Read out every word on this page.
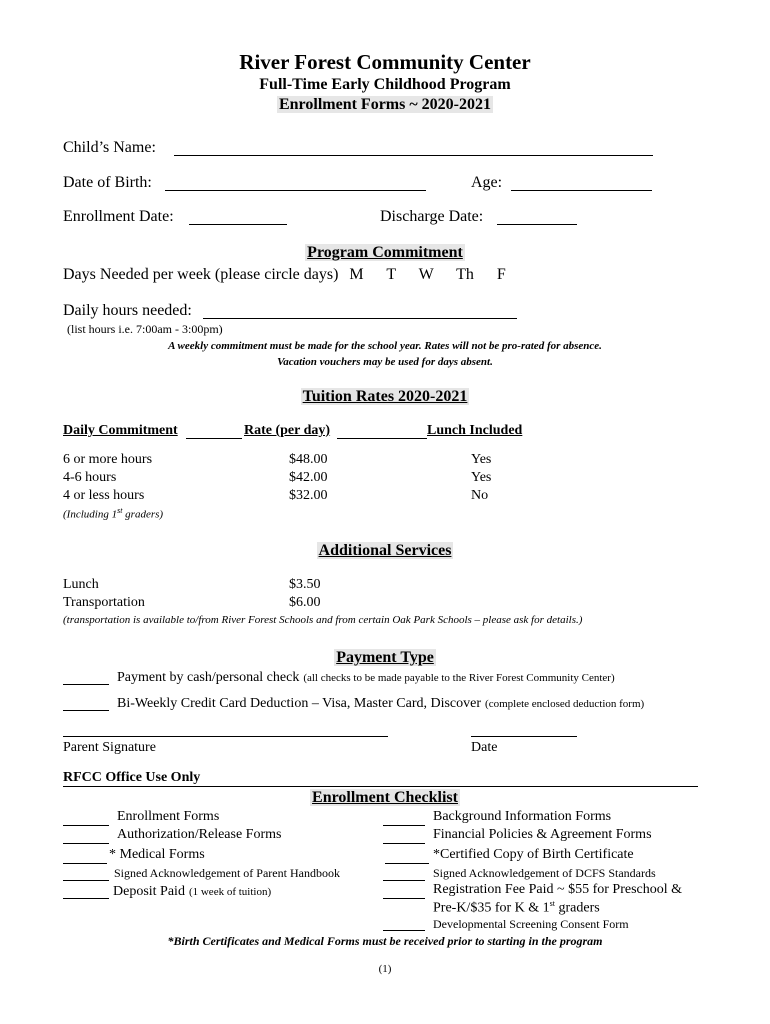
River Forest Community Center
Full-Time Early Childhood Program
Enrollment Forms ~ 2020-2021
Child’s Name:
Date of Birth:	Age:
Enrollment Date:	Discharge Date:
Program Commitment
Days Needed per week (please circle days) M T W Th F
Daily hours needed:
(list hours i.e. 7:00am - 3:00pm)
A weekly commitment must be made for the school year. Rates will not be pro-rated for absence.
Vacation vouchers may be used for days absent.
Tuition Rates 2020-2021
Daily Commitment	Rate (per day)	Lunch Included
6 or more hours	$48.00	Yes
4-6 hours	$42.00	Yes
4 or less hours	$32.00	No
(Including 1st graders)
Additional Services
Lunch	$3.50
Transportation	$6.00
(transportation is available to/from River Forest Schools and from certain Oak Park Schools – please ask for details.)
Payment Type
Payment by cash/personal check (all checks to be made payable to the River Forest Community Center)
Bi-Weekly Credit Card Deduction – Visa, Master Card, Discover (complete enclosed deduction form)
Parent Signature	Date
RFCC Office Use Only
Enrollment Checklist
Enrollment Forms
Authorization/Release Forms
* Medical Forms
Signed Acknowledgement of Parent Handbook
Deposit Paid (1 week of tuition)
Background Information Forms
Financial Policies & Agreement Forms
*Certified Copy of Birth Certificate
Signed Acknowledgement of DCFS Standards
Registration Fee Paid ~ $55 for Preschool &
Pre-K/$35 for K & 1st graders
Developmental Screening Consent Form
*Birth Certificates and Medical Forms must be received prior to starting in the program
(1)
